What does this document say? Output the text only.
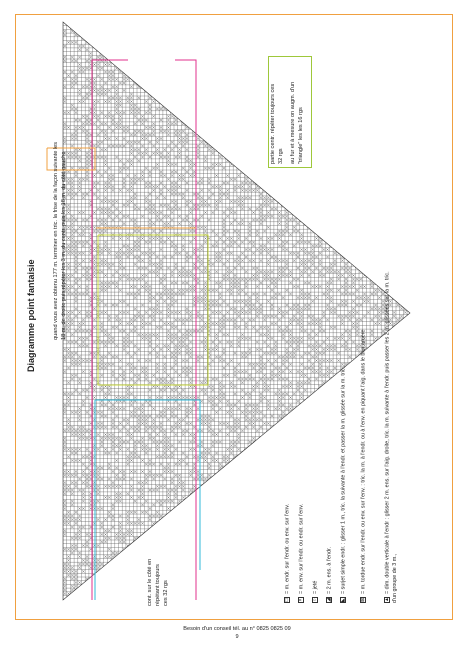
Diagramme point fantaisie	quand vous avez obtenu 177 m. terminer en tric. la frise de la façon suivante les 18 m. de droite puis répéter les 3 m. du centr. puis les 18 m. du côté gauche
partie centr. répéter toujours ces 32 rgs au fur et à mesure on augm. d'un "triangle" les les 16 rgs
cont. sur le côté en répétant toujours ces 32 rgs	□= m. endr. sur l'endr. ou env. sur l'env.
×= m. env. sur l'endr. ou endr. sur l'env.
○= jeté
◢= 2 m. ens. à l'endr.
◣= surjet simple endr. : glisser 1 m., tric. la suivante à l'endr. et passer la m. glissée sur la m. tric.
⊠= m. tordue endr. sur l'endr. ou env. sur l'env. : tric. la m. à l'endr. ou à l'env. en piquant l'aig. dans le brin arrière
▲= dim. double verticale à l'endr : glisser 2 m. ens. sur l'aig. droite, tric. la m. suivante à l'endr. puis passer les 2 m. glissées sur la m. tric. d'un groupe de 3 m.,
Besoin d'un conseil tél. au n° 0825 0825 09
9
